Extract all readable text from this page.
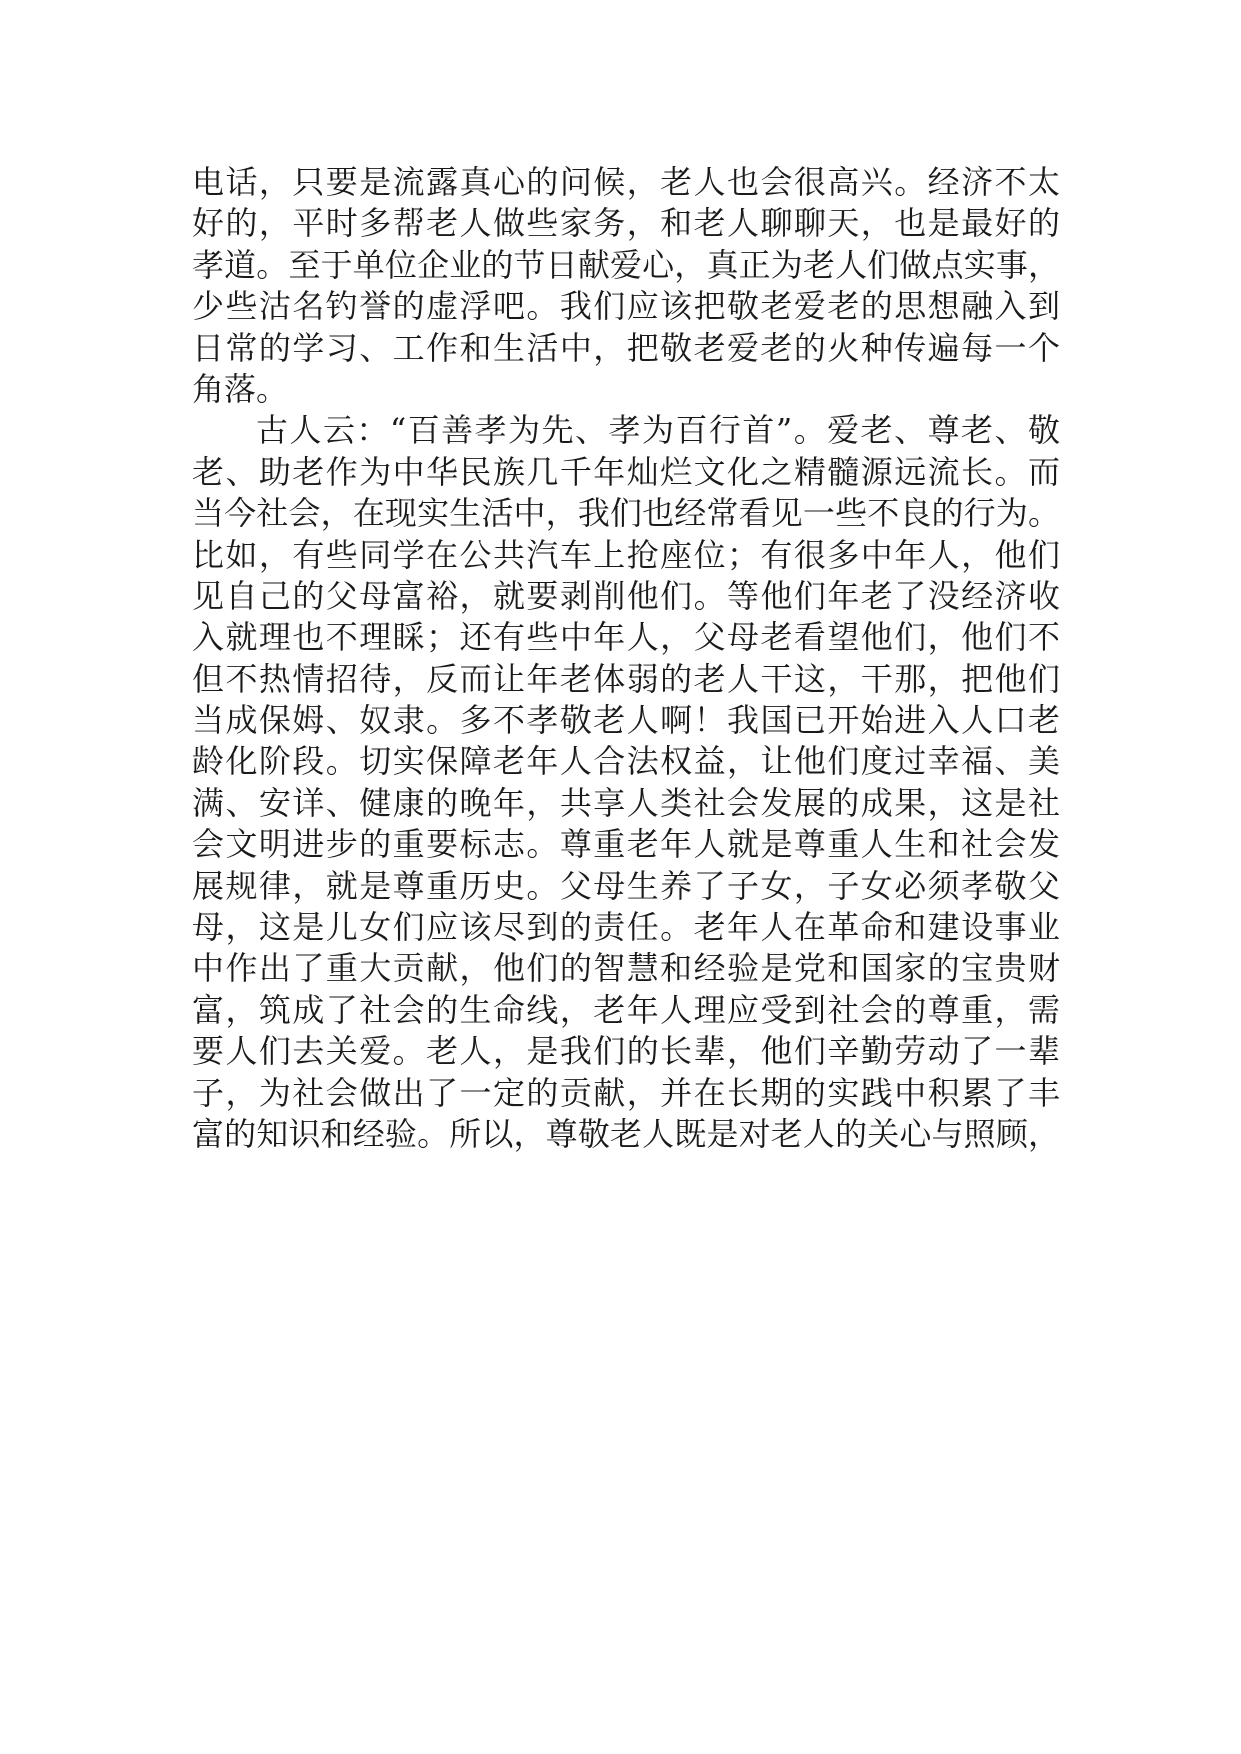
电话，只要是流露真心的问候，老人也会很高兴。经济不太
好的，平时多帮老人做些家务，和老人聊聊天，也是最好的
孝道。至于单位企业的节日献爱心，真正为老人们做点实事，
少些沽名钓誉的虚浮吧。我们应该把敬老爱老的思想融入到
日常的学习、工作和生活中，把敬老爱老的火种传遍每一个
角落。
古人云：“百善孝为先、孝为百行首”。爱老、尊老、敬
老、助老作为中华民族几千年灿烂文化之精髓源远流长。而
当今社会，在现实生活中，我们也经常看见一些不良的行为。
比如，有些同学在公共汽车上抢座位；有很多中年人，他们
见自己的父母富裕，就要剥削他们。等他们年老了没经济收
入就理也不理睬；还有些中年人，父母老看望他们，他们不
但不热情招待，反而让年老体弱的老人干这，干那，把他们
当成保姆、奴隶。多不孝敬老人啊！我国已开始进入人口老
龄化阶段。切实保障老年人合法权益，让他们度过幸福、美
满、安详、健康的晚年，共享人类社会发展的成果，这是社
会文明进步的重要标志。尊重老年人就是尊重人生和社会发
展规律，就是尊重历史。父母生养了子女，子女必须孝敬父
母，这是儿女们应该尽到的责任。老年人在革命和建设事业
中作出了重大贡献，他们的智慧和经验是党和国家的宝贵财
富，筑成了社会的生命线，老年人理应受到社会的尊重，需
要人们去关爱。老人，是我们的长辈，他们辛勤劳动了一辈
子，为社会做出了一定的贡献，并在长期的实践中积累了丰
富的知识和经验。所以，尊敬老人既是对老人的关心与照顾，
